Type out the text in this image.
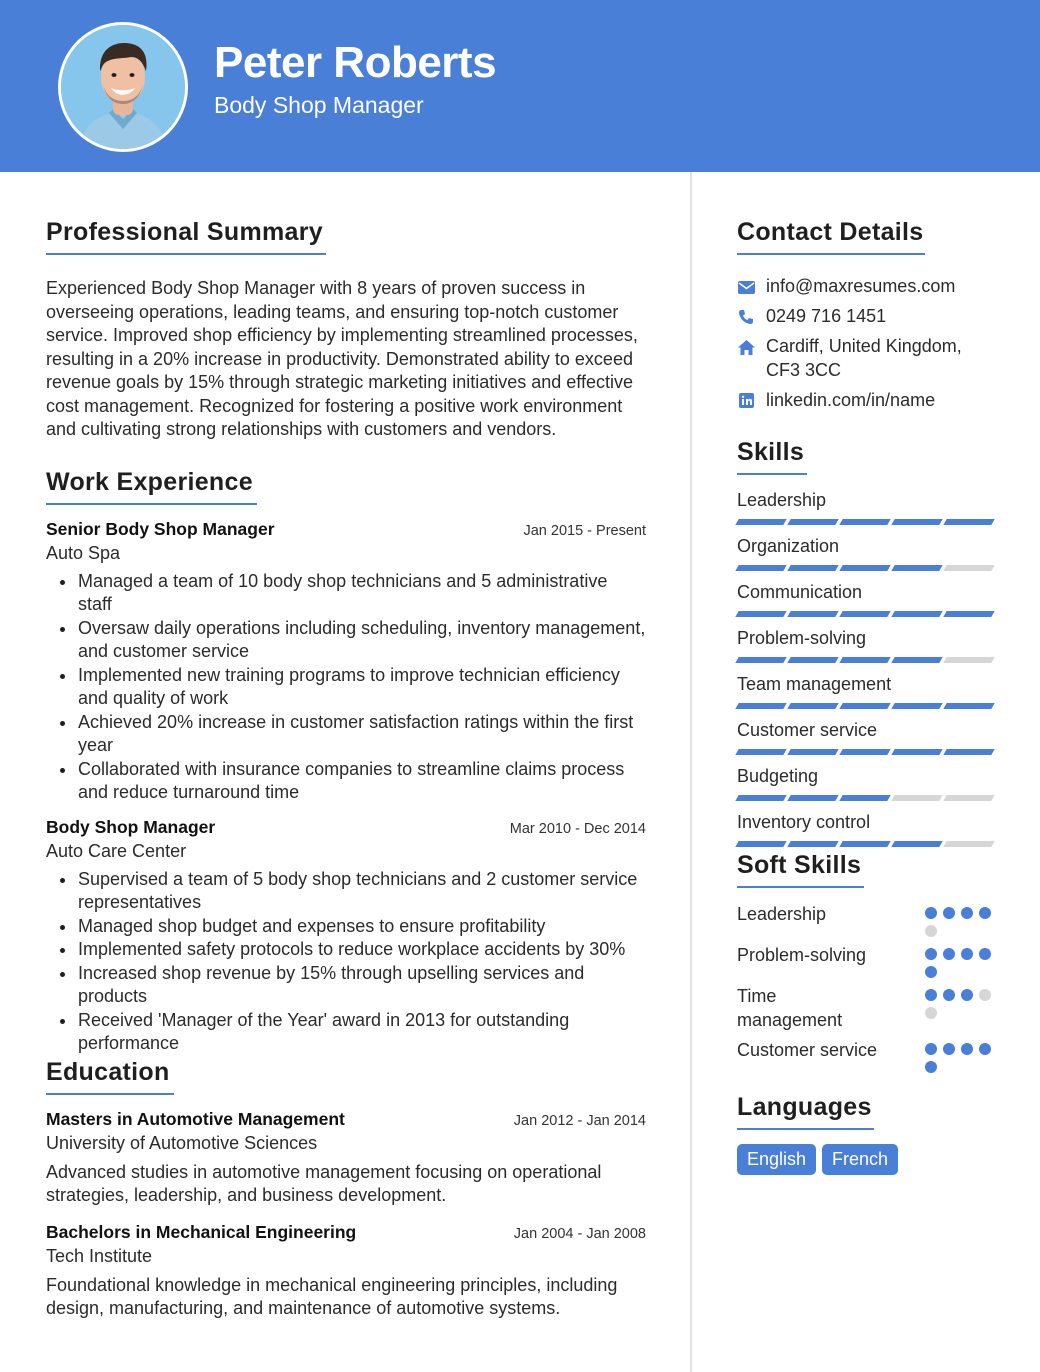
Peter Roberts
Body Shop Manager
Professional Summary
Experienced Body Shop Manager with 8 years of proven success in overseeing operations, leading teams, and ensuring top-notch customer service. Improved shop efficiency by implementing streamlined processes, resulting in a 20% increase in productivity. Demonstrated ability to exceed revenue goals by 15% through strategic marketing initiatives and effective cost management. Recognized for fostering a positive work environment and cultivating strong relationships with customers and vendors.
Work Experience
Senior Body Shop Manager	Jan 2015 - Present
Auto Spa
Managed a team of 10 body shop technicians and 5 administrative staff
Oversaw daily operations including scheduling, inventory management, and customer service
Implemented new training programs to improve technician efficiency and quality of work
Achieved 20% increase in customer satisfaction ratings within the first year
Collaborated with insurance companies to streamline claims process and reduce turnaround time
Body Shop Manager	Mar 2010 - Dec 2014
Auto Care Center
Supervised a team of 5 body shop technicians and 2 customer service representatives
Managed shop budget and expenses to ensure profitability
Implemented safety protocols to reduce workplace accidents by 30%
Increased shop revenue by 15% through upselling services and products
Received 'Manager of the Year' award in 2013 for outstanding performance
Education
Masters in Automotive Management	Jan 2012 - Jan 2014
University of Automotive Sciences
Advanced studies in automotive management focusing on operational strategies, leadership, and business development.
Bachelors in Mechanical Engineering	Jan 2004 - Jan 2008
Tech Institute
Foundational knowledge in mechanical engineering principles, including design, manufacturing, and maintenance of automotive systems.
Contact Details
info@maxresumes.com
0249 716 1451
Cardiff, United Kingdom, CF3 3CC
linkedin.com/in/name
Skills
Leadership
Organization
Communication
Problem-solving
Team management
Customer service
Budgeting
Inventory control
Soft Skills
Leadership
Problem-solving
Time management
Customer service
Languages
English	French
